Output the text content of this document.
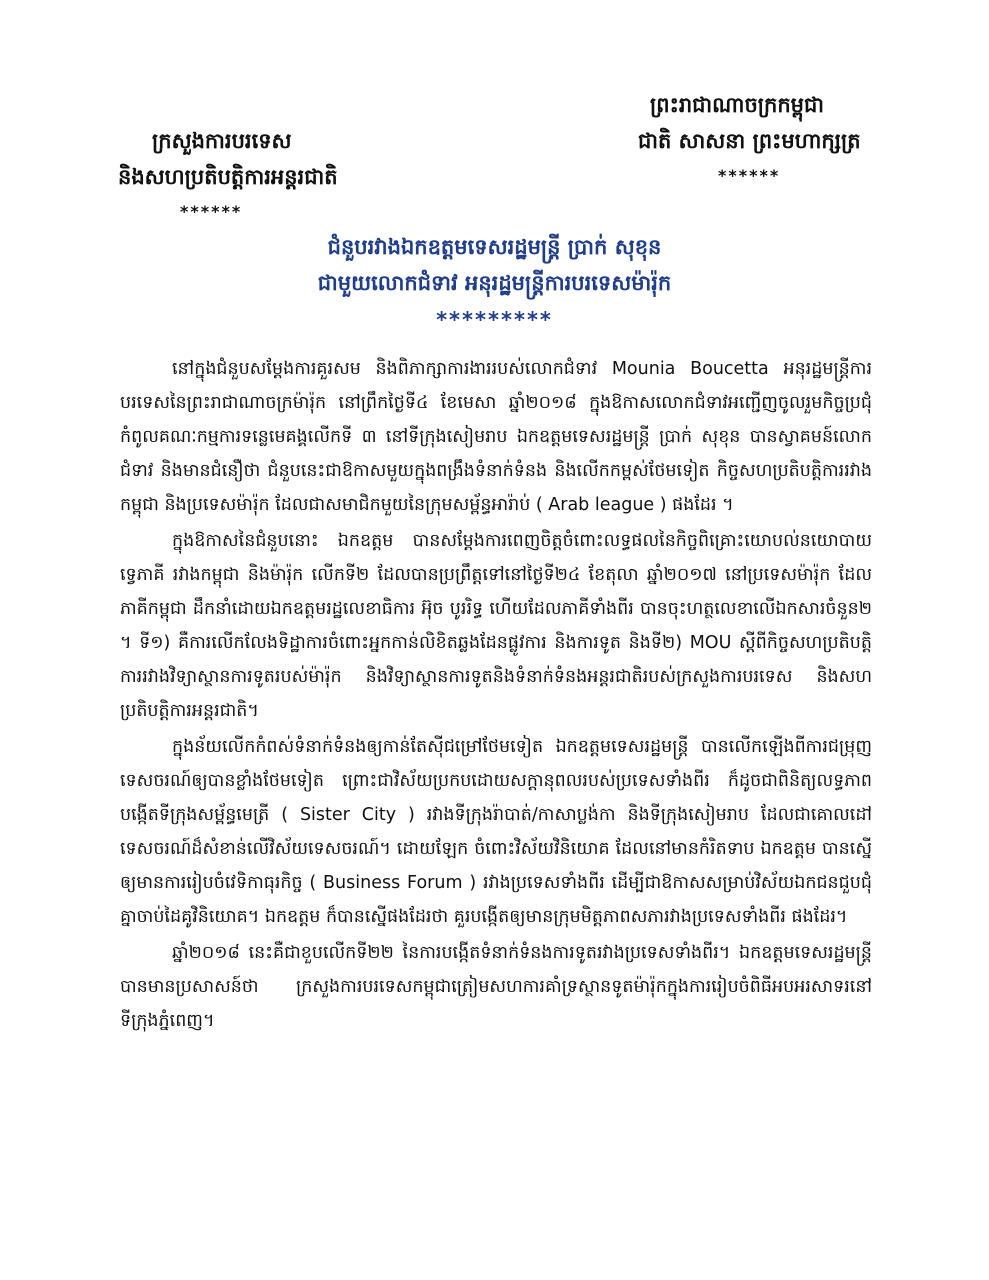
ព្រះរាជាណាចក្រកម្ពុជា
ជាតិ សាសនា ព្រះមហាក្សត្រ
******
ក្រសួងការបរទេស
និងសហប្រតិបត្តិការអន្តរជាតិ
******
ជំនួបរវាងឯកឧត្តមទេសរដ្ឋមន្ត្រី ប្រាក់ សុខុន
ជាមួយលោកជំទាវ អនុរដ្ឋមន្ត្រីការបរទេសម៉ារ៉ុក
*********

នៅក្នុងជំនួបសម្តែងការគួរសម និងពិភាក្សាការងាររបស់លោកជំទាវ Mounia Boucetta អនុរដ្ឋមន្ត្រីការបរទេសនៃព្រះរាជាណាចក្រម៉ារ៉ុក នៅព្រឹកថ្ងៃទី៤ ខែមេសា ឆ្នាំ២០១៨ ក្នុងឱកាសលោកជំទាវអញ្ជើញចូលរួមកិច្ចប្រជុំកំពូលគណៈកម្មការទន្លេមេគង្គលើកទី ៣ នៅទីក្រុងសៀមរាប ឯកឧត្តមទេសរដ្ឋមន្ត្រី ប្រាក់ សុខុន បានស្វាគមន៍លោកជំទាវ និងមានជំនឿថា ជំនួបនេះជាឱកាសមួយក្នុងពង្រឹងទំនាក់ទំនង និងលើកកម្ពស់ថែមទៀត កិច្ចសហប្រតិបត្តិការរវាងកម្ពុជា និងប្រទេសម៉ារ៉ុក ដែលជាសមាជិកមួយនៃក្រុមសម្ព័ន្ធអារ៉ាប់ ( Arab league ) ផងដែរ ។

ក្នុងឱកាសនៃជំនួបនោះ ឯកឧត្តម បានសម្តែងការពេញចិត្តចំពោះលទ្ធផលនៃកិច្ចពិគ្រោះយោបល់នយោបាយទ្វេភាគី រវាងកម្ពុជា និងម៉ារ៉ុក លើកទី២ ដែលបានប្រព្រឹត្តទៅនៅថ្ងៃទី២៤ ខែតុលា ឆ្នាំ២០១៧ នៅប្រទេសម៉ារ៉ុក ដែលភាគីកម្ពុជា ដឹកនាំដោយឯកឧត្តមរដ្ឋលេខាធិការ អ៊ុច បូររិទ្ធ ហើយដែលភាគីទាំងពីរ បានចុះហត្ថលេខាលើឯកសារចំនួន២ ។ ទី១) គឺការលើកលែងទិដ្ឋាការចំពោះអ្នកកាន់លិខិតឆ្លងដែនផ្លូវការ និងការទូត និងទី២) MOU ស្តីពីកិច្ចសហប្រតិបត្តិការរវាងវិទ្យាស្ថានការទូតរបស់ម៉ារ៉ុក និងវិទ្យាស្ថានការទូតនិងទំនាក់ទំនងអន្តរជាតិរបស់ក្រសួងការបរទេស និងសហប្រតិបត្តិការអន្តរជាតិ។

ក្នុងន័យលើកកំពស់ទំនាក់ទំនងឲ្យកាន់តែស៊ីជម្រៅថែមទៀត ឯកឧត្តមទេសរដ្ឋមន្ត្រី បានលើកឡើងពីការជម្រុញទេសចរណ៍ឲ្យបានខ្លាំងថែមទៀត ព្រោះជាវិស័យប្រកបដោយសក្តានុពលរបស់ប្រទេសទាំងពីរ ក៏ដូចជាពិនិត្យលទ្ធភាពបង្កើតទីក្រុងសម្ព័ន្ធមេត្រី ( Sister City ) រវាងទីក្រុងរ៉ាបាត់/កាសាប្លង់កា និងទីក្រុងសៀមរាប ដែលជាគោលដៅទេសចរណ៍ដ៏សំខាន់លើវិស័យទេសចរណ៍។ ដោយឡែក ចំពោះវិស័យវិនិយោគ ដែលនៅមានកំរិតទាប ឯកឧត្តម បានស្នើឲ្យមានការរៀបចំវេទិកាធុរកិច្ច ( Business Forum ) រវាងប្រទេសទាំងពីរ ដើម្បីជាឱកាសសម្រាប់វិស័យឯកជនជួបជុំគ្នាចាប់ដៃគូវិនិយោគ។ ឯកឧត្តម ក៏បានស្នើផងដែរថា គួរបង្កើតឲ្យមានក្រុមមិត្តភាពសភារវាងប្រទេសទាំងពីរ ផងដែរ។

ឆ្នាំ២០១៨ នេះគឺជាខួបលើកទី២២ នៃការបង្កើតទំនាក់ទំនងការទូតរវាងប្រទេសទាំងពីរ។ ឯកឧត្តមទេសរដ្ឋមន្ត្រី បានមានប្រសាសន៍ថា ក្រសួងការបរទេសកម្ពុជាត្រៀមសហការគាំទ្រស្ថានទូតម៉ារ៉ុកក្នុងការរៀបចំពិធីអបអរសាទរនៅទីក្រុងភ្នំពេញ។
